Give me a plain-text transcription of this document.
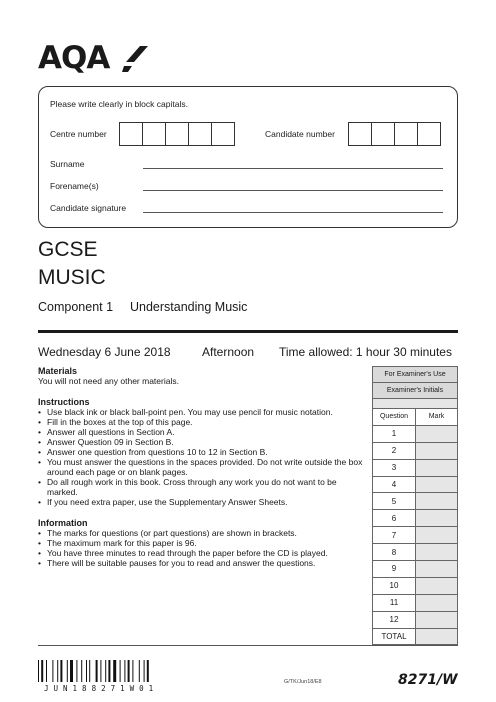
AQA
Please write clearly in block capitals.
Centre number	Candidate number
Surname
Forename(s)
Candidate signature
GCSE
MUSIC
Component 1 Understanding Music
Wednesday 6 June 2018	Afternoon Time allowed: 1 hour 30 minutes
Materials
You will not need any other materials.
Instructions
• Use black ink or black ball-point pen. You may use pencil for music notation.
• Fill in the boxes at the top of this page.
• Answer all questions in Section A.
• Answer Question 09 in Section B.
• Answer one question from questions 10 to 12 in Section B.
• You must answer the questions in the spaces provided. Do not write outside the box around each page or on blank pages.
• Do all rough work in this book. Cross through any work you do not want to be marked.
• If you need extra paper, use the Supplementary Answer Sheets.
Information
• The marks for questions (or part questions) are shown in brackets.
• The maximum mark for this paper is 96.
• You have three minutes to read through the paper before the CD is played.
• There will be suitable pauses for you to read and answer the questions.
For Examiner's Use	
Examiner's Initials	

Question	Mark
1	
2	
3	
4	
5	
6	
7	
8	
9	
10	
11	
12	
TOTAL	
JUN188271W01
G/TK/Jun18/E8	8271/W
